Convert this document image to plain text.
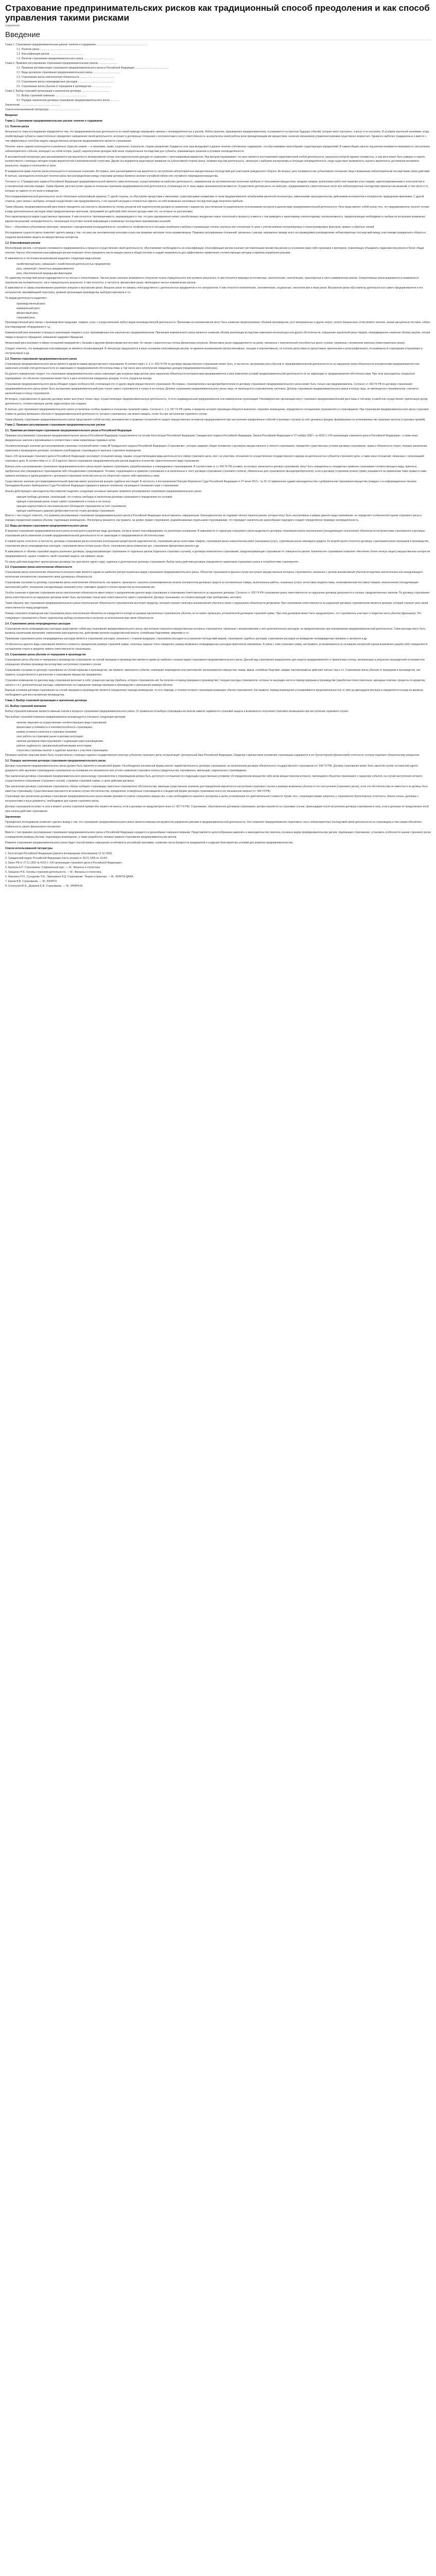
Страхование предпринимательских рисков как традиционный способ преодоления и как способ управления такими рисками
содержание
Введение
Глава 1. Страхование предпринимательских рисков: понятие и содержание........................................................................
1.1. Понятие риска ........................................................
1.2. Классификация рисков ...............................................
1.3. Понятие страхования предпринимательского риска ...........................................
Глава 2. Правовое регулирование страхования предпринимательских рисков ...........................
2.1. Правовая регламентация страхования предпринимательского риска в Российской Федерации ...............................................
2.2. Виды договоров страхования предпринимательского риска ......................................
2.3. Страхование риска неисполнения обязательств ................................................
2.4. Страхование риска непредвиденных расходов ...................................................
2.5. Страхование риска убытков от перерывов в производстве ...........................
Глава 3. Выбор страховой организации и заключение договора .......................................
3.1. Выбор страховой компании ............................................
3.2. Порядок заключения договора страхования предпринимательского риска .............
Заключение ........................................................
Список использованной литературы ...........................................
Введение
Глава 1. Страхование предпринимательских рисков: понятие и содержание
1.1. Понятие риска
Актуальность темы исследования определяется тем, что предпринимательская деятельность по своей природе неразрывно связана с неопределённостью и риском. Любое решение, принимаемое предпринимателем, основывается на прогнозе будущих событий, которые могут наступить, а могут и не наступить. В условиях рыночной экономики, когда хозяйствующие субъекты самостоятельно определяют направления своей деятельности, вступают в договорные отношения с контрагентами и несут ответственность за результаты своей работы всем принадлежащим им имуществом, значение механизмов управления рисками существенно возрастает. Одним из наиболее традиционных и вместе с тем эффективных способов защиты имущественных интересов предпринимателя является страхование.
Понятие «риск» широко используется в различных отраслях знания — в экономике, праве, социологии, психологии, теории управления. Каждая из этих наук вкладывает в данное понятие собственное содержание, что обусловливает многообразие существующих определений. В самом общем смысле под риском понимается возможность наступления неблагоприятного события, влекущего за собой потери, ущерб, недополучение доходов либо иные отрицательные последствия для субъекта, принимающего решение в условиях неопределённости.
В экономической литературе риск рассматривается как вероятность возникновения потерь или недополучения доходов по сравнению с прогнозируемым вариантом. Ряд авторов подчёркивает, что риск является неотъемлемой характеристикой любой деятельности, результаты которой заранее неизвестны, а сам риск может быть измерен и оценён количественно с помощью методов теории вероятностей и математической статистики. Другие исследователи акцентируют внимание на субъективной стороне риска, понимая под ним деятельность, связанную с выбором альтернативы в ситуации неопределённости, когда существует возможность оценить вероятность достижения желаемого результата, неудачи и отклонения от цели.
В гражданском праве понятие риска используется в нескольких значениях. Во-первых, риск рассматривается как вероятность наступления неблагоприятных имущественных последствий для участников гражданского оборота. Во-вторых, риск понимается как субъективное отношение лица к возможным неблагоприятным последствиям своих действий. В-третьих, законодатель использует понятие риска при распределении между сторонами договора бремени несения случайной гибели или случайного повреждения имущества.
Согласно ст. 2 Гражданского кодекса Российской Федерации предпринимательской является самостоятельная, осуществляемая на свой риск деятельность, направленная на систематическое получение прибыли от пользования имуществом, продажи товаров, выполнения работ или оказания услуг лицами, зарегистрированными в этом качестве в установленном законом порядке. Таким образом, риск выступает одним из легальных признаков предпринимательской деятельности, отличающих её от иных видов экономической активности. Осуществляя деятельность на свой риск, предприниматель самостоятельно несёт все неблагоприятные последствия принятых им решений, в том числе и те, которые не зависят от его воли и поведения.
Риск предпринимательской деятельности носит объективно-субъективный характер. С одной стороны, он обусловлен процессами и явлениями, существующими независимо от воли предпринимателя: колебаниями рыночной конъюнктуры, изменениями законодательства, действиями контрагентов и конкурентов, природными явлениями. С другой стороны, риск связан с выбором, который осуществляет сам предприниматель, с его оценкой ситуации и готовностью принять на себя возможные негативные последствия ради получения прибыли.
Таким образом, предпринимательский риск можно определить как опасность (возможность) потерь ресурсов или недополучения доходов по сравнению с вариантом, рассчитанным на рациональное использование ресурсов в данном виде предпринимательской деятельности. Риск представляет собой угрозу того, что предприниматель понесёт потери в виде дополнительных расходов сверх предусмотренных прогнозом, программой его действий либо получит доходы ниже тех, на которые он рассчитывал.
Риск характеризуется рядом существенных признаков. К ним относятся: противоречивость, выражающаяся в том, что риск одновременно может способствовать внедрению новых технологий и прогрессу и вместе с тем приводить к авантюризму и волюнтаризму; альтернативность, предполагающая необходимость выбора из нескольких возможных вариантов решений; неопределённость, означающая отсутствие полной информации о возможных последствиях принимаемых решений.
Риск — объективно-субъективная категория, связанная с преодолением неопределённости, случайности, конфликтности в ситуации неизбежного выбора и отражающая степень неуспеха или отклонения от цели с учётом влияния контролируемых и неконтролируемых факторов, прямых и обратных связей.
Исследование сущности риска позволяет сделать вывод о том, что риск как экономическая категория и риск как правовая категория тесно взаимосвязаны. Правовое регулирование отношений, связанных с риском, направлено прежде всего на справедливое распределение неблагоприятных последствий между участниками гражданского оборота и создание механизмов защиты их имущественных интересов.
1.2. Классификация рисков
Многообразие рисков, с которыми сталкивается предприниматель в процессе осуществления своей деятельности, обусловливает необходимость их классификации. Классификация рисков означает систематизацию множества рисков на основании каких-либо признаков и критериев, позволяющих объединить подмножества рисков в более общие понятия. Научно обоснованная классификация рисков позволяет чётко определить место каждого риска в общей системе и создаёт возможности для эффективного применения соответствующих методов и приёмов управления рисками.
В зависимости от источника возникновения выделяют следующие виды рисков:
хозяйственный риск, связанный с хозяйственной деятельностью предприятия;
риск, связанный с личностью предпринимателя;
риск, обусловленный природными факторами.
По характеру последствий риски подразделяются на чистые и спекулятивные. Чистые риски означают возможность получения только отрицательного или нулевого результата. К ним относятся природно-естественные, экологические, политические, транспортные и часть коммерческих рисков. Спекулятивные риски выражаются в возможности получения как положительного, так и отрицательного результата. К ним относятся, в частности, финансовые риски, являющиеся частью коммерческих рисков.
В зависимости от сферы возникновения различают внешние и внутренние риски. Внешние риски не связаны непосредственно с деятельностью предприятия и его контрагентов. К ним относятся политические, экономические, социальные, экологические и иные риски. Внутренние риски обусловлены деятельностью самого предпринимателя и его контрагентов: квалификацией персонала, уровнем организации производства, выбором партнёров и т.п.
По видам деятельности выделяют:
производственный риск;
коммерческий риск;
финансовый риск;
страховой риск.
Производственный риск связан с производством продукции, товаров, услуг, с осуществлением любых видов производственной деятельности. Причинами его возникновения могут быть снижение предполагаемых объёмов производства, рост материальных и других затрат, уплата повышенных отчислений и налогов, низкая дисциплина поставок, гибель или повреждение оборудования и т.д.
Коммерческий риск возникает в процессе реализации товаров и услуг, произведённых или закупленных предпринимателем. Причинами коммерческого риска являются снижение объёма реализации вследствие изменения конъюнктуры или других обстоятельств, повышение закупочной цены товаров, непредвиденное снижение объёма закупок, потери товара в процессе обращения, повышение издержек обращения.
Финансовый риск возникает в сфере отношений предприятия с банками и другими финансовыми институтами. Он связан с вероятностью потерь финансовых ресурсов. Финансовые риски подразделяются на риски, связанные с покупательной способностью денег, и риски, связанные с вложением капитала (инвестиционные риски).
Следует отметить, что приведённая классификация не является исчерпывающей. В литературе предлагаются и иные основания классификации рисков: по времени возникновения (ретроспективные, текущие и перспективные), по степени допустимости (допустимые, критические и катастрофические), по возможности страхования (страхуемые и нестрахуемые) и др.
1.3. Понятие страхования предпринимательского риска
Страхование предпринимательского риска является одним из видов имущественного страхования. В соответствии с п. 2 ст. 929 ГК РФ по договору имущественного страхования может быть, в частности, застрахован риск убытков от предпринимательской деятельности из-за нарушения своих обязательств контрагентами предпринимателя или изменения условий этой деятельности по не зависящим от предпринимателя обстоятельствам, в том числе риск неполучения ожидаемых доходов (предпринимательский риск).
Из данного определения следует, что страхование предпринимательского риска охватывает два основных вида рисков: риск нарушения обязательств контрагентами предпринимателя и риск изменения условий предпринимательской деятельности по не зависящим от предпринимателя обстоятельствам. При этом законодатель специально подчёркивает, что объектом страхования может быть и риск неполучения ожидаемых доходов, то есть упущенная выгода.
Страхование предпринимательского риска обладает рядом особенностей, отличающих его от других видов имущественного страхования. Во-первых, страхователем и выгодоприобретателем по договору страхования предпринимательского риска может быть только сам предприниматель. Согласно ст. 933 ГК РФ по договору страхования предпринимательского риска может быть застрахован предпринимательский риск только самого страхователя и только в его пользу. Договор страхования предпринимательского риска лица, не являющегося страхователем, ничтожен. Договор страхования предпринимательского риска в пользу лица, не являющегося страхователем, считается заключённым в пользу страхователя.
Во-вторых, страхователем по данному договору может выступать только лицо, осуществляющее предпринимательскую деятельность, то есть индивидуальный предприниматель или коммерческая организация. Некоммерческие организации могут страховать предпринимательский риск лишь в той мере, в какой они осуществляют приносящую доход деятельность, соответствующую целям, ради которых они созданы.
В-третьих, для страхования предпринимательского риска установлены особые правила в отношении страховой суммы. Согласно п. 1 ст. 947 ГК РФ сумма, в пределах которой страховщик обязуется выплатить страховое возмещение, определяется соглашением страхователя со страховщиком. При страховании предпринимательского риска страховая сумма не должна превышать убытков от предпринимательской деятельности, которые страхователь, как можно ожидать, понёс бы при наступлении страхового случая.
Таким образом, страхование предпринимательского риска представляет собой систему экономических и правовых отношений по защите имущественных интересов предпринимателя при наступлении определённых событий (страховых случаев) за счёт денежных фондов, формируемых из уплачиваемых им страховых взносов (страховых премий).
Глава 2. Правовое регулирование страхования предпринимательских рисков
2.1. Правовая регламентация страхования предпринимательского риска в Российской Федерации
Правовое регулирование страхования предпринимательского риска в Российской Федерации осуществляется на основе Конституции Российской Федерации, Гражданского кодекса Российской Федерации, Закона Российской Федерации от 27 ноября 1992 г. № 4015-1 «Об организации страхового дела в Российской Федерации», а также иных федеральных законов и принимаемых в соответствии с ними нормативных правовых актов.
Основополагающее значение для регулирования страховых отношений имеет глава 48 Гражданского кодекса Российской Федерации «Страхование», которая содержит общие положения о договорах имущественного и личного страхования, определяет существенные условия договора страхования, права и обязанности сторон, порядок заключения, изменения и прекращения договора, основания освобождения страховщика от выплаты страхового возмещения.
Закон «Об организации страхового дела в Российской Федерации» регулирует отношения между лицами, осуществляющими виды деятельности в сфере страхового дела, или с их участием, отношения по осуществлению государственного надзора за деятельностью субъектов страхового дела, а также иные отношения, связанные с организацией страхового дела. В соответствии со ст. 32.9 данного Закона страхование предпринимательских рисков выделено в качестве самостоятельного вида страхования.
Важную роль в регулировании страхования предпринимательского риска играют правила страхования, разрабатываемые и утверждаемые страховщиками. В соответствии со ст. 943 ГК РФ условия, на которых заключается договор страхования, могут быть определены в стандартных правилах страхования соответствующего вида, принятых, одобренных или утверждённых страховщиком либо объединением страховщиков. Условия, содержащиеся в правилах страхования и не включённые в текст договора страхования (страхового полиса), обязательны для страхователя (выгодоприобретателя), если в договоре (страховом полисе) прямо указывается на применение таких правил и сами правила изложены в одном документе с договором (страховым полисом) или на его оборотной стороне либо приложены к нему.
Существенное значение для правоприменительной практики имеют разъяснения высших судебных инстанций. В частности, в постановлении Пленума Верховного Суда Российской Федерации от 27 июня 2013 г. № 20 «О применении судами законодательства о добровольном страховании имущества граждан» и в информационных письмах Президиума Высшего Арбитражного Суда Российской Федерации содержатся важные положения, касающиеся толкования норм о страховании.
Анализ действующего законодательства позволяет выделить следующие основные принципы правового регулирования страхования предпринимательского риска:
принцип свободы договора, означающий, что стороны свободны в заключении договора страхования и определении его условий;
принцип страхования риска только самого страхователя и только в его пользу;
принцип недопустимости неосновательного обогащения страхователя за счёт страхования;
принцип наибольшего доверия (добросовестности) сторон договора страхования.
Вместе с тем следует отметить, что правовое регулирование страхования предпринимательского риска в Российской Федерации нельзя признать совершенным. Законодательство не содержит чёткого перечня рисков, которые могут быть застрахованы в рамках данного вида страхования, не определяет особенностей оценки страхового риска и порядка определения размера убытков, подлежащих возмещению. Эти вопросы решаются, как правило, на уровне правил страхования, разрабатываемых отдельными страховщиками, что порождает значительное разнообразие подходов и создаёт определённую правовую неопределённость.
2.2. Виды договоров страхования предпринимательского риска
В практике страхования предпринимательского риска используются различные виды договоров, которые можно классифицировать по различным основаниям. В зависимости от характера страхуемого риска выделяются договоры страхования риска неисполнения (ненадлежащего исполнения) обязательств контрагентами страхователя и договоры страхования риска изменения условий предпринимательской деятельности по не зависящим от предпринимателя обстоятельствам.
К первой группе относятся, в частности, договоры страхования риска неплатежа (непогашения кредиторской задолженности), страхования риска непоставки товаров, страхования риска невыполнения работ (неоказания услуг), страхования риска невозврата кредита. Ко второй группе относятся договоры страхования риска перерывов в производстве, страхования риска непредвиденных расходов, страхования риска потери рынка сбыта, страхования риска изменения цен, страхования финансовых рисков и др.
В зависимости от объёма страховой защиты различают договоры, предусматривающие страхование от отдельных рисков (отдельных страховых случаев), и договоры комплексного страхования, предусматривающие страхование от совокупности рисков. Комплексное страхование позволяет обеспечить более полную защиту имущественных интересов предпринимателя, однако стоимость такой страховой защиты, как правило, выше.
По сроку действия выделяют краткосрочные договоры (на срок менее одного года), годичные и долгосрочные договоры страхования. Выбор срока действия договора определяется характером страхуемого риска и потребностями страхователя.
2.3. Страхование риска неисполнения обязательств
Страхование риска неисполнения обязательств контрагентами является одним из наиболее распространённых видов страхования предпринимательского риска. Объектом страхования в данном случае выступают имущественные интересы страхователя, связанные с риском возникновения убытков вследствие неисполнения или ненадлежащего исполнения контрагентом страхователя своих договорных обязательств.
Страховыми случаями по договору страхования риска неисполнения обязательств, как правило, признаются: неуплата (несвоевременная уплата) контрагентом денежных средств за поставленные товары, выполненные работы, оказанные услуги; непоставка (недопоставка, несвоевременная поставка) товаров; невыполнение (ненадлежащее выполнение) работ; неоказание (ненадлежащее оказание) услуг; невозврат кредита и уплаты процентов за пользование им.
Особое значение в практике страхования риска неисполнения обязательств имеет вопрос о разграничении данного вида страхования и страхования ответственности за нарушение договора. Согласно ст. 932 ГК РФ страхование риска ответственности за нарушение договора допускается в случаях, предусмотренных законом. По договору страхования риска ответственности за нарушение договора может быть застрахован только риск ответственности самого страхователя. Договор страхования, не соответствующий этим требованиям, ничтожен.
Таким образом, при страховании предпринимательского риска неисполнения обязательств страхователем выступает кредитор, который страхует свой риск возникновения убытков в связи с нарушением обязательств должником. При страховании ответственности за нарушение договора страхователем является должник, который страхует риск своей ответственности перед кредитором.
Размер страхового возмещения при страховании риска неисполнения обязательств определяется исходя из размера причинённых страхователю убытков, но не может превышать установленной договором страховой суммы. При этом договором может быть предусмотрено, что страхователь участвует в покрытии части убытков (франшиза). Это стимулирует страхователя к более тщательному выбору контрагентов и контролю за исполнением ими своих обязательств.
2.4. Страхование риска непредвиденных расходов
Страхование риска непредвиденных расходов представляет собой вид страхования предпринимательского риска, при котором страхуются имущественные интересы страхователя, связанные с возникновением у него дополнительных расходов, не предусмотренных при планировании предпринимательской деятельности. Такие расходы могут быть вызваны различными причинами: изменением законодательства, действиями органов государственной власти, стихийными бедствиями, авариями и т.п.
Примерами страхования риска непредвиденных расходов являются страхование расходов, связанных с отзывом продукции, страхование расходов на устранение последствий аварий, страхование судебных расходов, страхование расходов на проведение непредвиденных проверок и экспертиз и др.
Особенностью данного вида страхования является сложность определения размера страховой суммы, поскольку заранее точно определить размер возможных непредвиденных расходов практически невозможно. В связи с этим страховая сумма, как правило, устанавливается на основании экспертной оценки возможного ущерба либо определяется соглашением сторон в пределах лимита ответственности страховщика.
2.5. Страхование риска убытков от перерывов в производстве
Страхование риска убытков от перерывов в производстве (страхование на случай перерыва в производстве) является одним из наиболее сложных видов страхования предпринимательского риска. Данный вид страхования предназначен для защиты предпринимателя от финансовых потерь, возникающих в результате вынужденной остановки или сокращения объёмов производства вследствие наступления страхового случая.
Страховыми случаями по договору страхования на случай перерыва в производстве, как правило, признаются события, повлекшие повреждение или уничтожение застрахованного имущества: пожар, взрыв, стихийные бедствия, аварии, противоправные действия третьих лиц и т.п. Страхование риска убытков от перерывов в производстве, как правило, осуществляется в дополнение к страхованию имущества предприятия.
Страховое возмещение по данному виду страхования включает в себя: упущенную выгоду (прибыль, которую страхователь мог бы получить в период перерыва в производстве); текущие расходы страхователя, которые он вынужден нести в период перерыва в производстве (заработная плата персонала, арендные платежи, проценты по кредитам, налоги и т.п.); дополнительные расходы, направленные на сокращение периода перерыва в производстве и уменьшение размера убытков.
Важным условием договора страхования на случай перерыва в производстве является определение периода возмещения, то есть периода, в течение которого страховщик возмещает убытки страхователя. Как правило, период возмещения устанавливается продолжительностью от трёх до двенадцати месяцев и определяется исходя из времени, необходимого для восстановления производства.
Глава 3. Выбор страховой организации и заключение договора
3.1. Выбор страховой компании
Выбор страховой компании является важным этапом в процессе страхования предпринимательского риска. От правильности выбора страховщика во многом зависит надёжность страховой защиты и возможность получения страхового возмещения при наступлении страхового случая.
При выборе страховой компании предпринимателю рекомендуется учитывать следующие критерии:
наличие лицензии на осуществление соответствующего вида страхования;
финансовая устойчивость и платёжеспособность страховщика;
размер уставного капитала и страховых резервов;
опыт работы на страховом рынке и деловая репутация;
наличие договоров перестрахования с надёжными перестраховщиками;
рейтинг надёжности, присвоенный рейтинговыми агентствами;
статистика страховых выплат и судебная практика с участием страховщика.
Проверка наличия лицензии может быть осуществлена с помощью единого государственного реестра субъектов страхового дела, который ведёт Центральный банк Российской Федерации. Сведения о финансовом положении страховщика содержатся в его бухгалтерской (финансовой) отчётности, которая подлежит обязательному раскрытию.
3.2. Порядок заключения договора страхования предпринимательского риска
Договор страхования предпринимательского риска должен быть заключён в письменной форме. Несоблюдение письменной формы влечёт недействительность договора страхования, за исключением договора обязательного государственного страхования (ст. 940 ГК РФ). Договор страхования может быть заключён путём составления одного документа либо вручения страховщиком страхователю на основании его письменного или устного заявления страхового полиса (свидетельства, сертификата, квитанции), подписанного страховщиком.
При заключении договора страхования предпринимательского риска между страхователем и страховщиком должно быть достигнуто соглашение по следующим существенным условиям: об определённом имуществе либо ином имущественном интересе, являющемся объектом страхования; о характере события, на случай наступления которого осуществляется страхование (страхового случая); о размере страховой суммы; о сроке действия договора.
При заключении договора страхования страхователь обязан сообщить страховщику известные страхователю обстоятельства, имеющие существенное значение для определения вероятности наступления страхового случая и размера возможных убытков от его наступления (страхового риска), если эти обстоятельства не известны и не должны быть известны страховщику. Существенными признаются во всяком случае обстоятельства, определённо оговорённые страховщиком в стандартной форме договора страхования или в его письменном запросе (ст. 944 ГК РФ).
Страховщик при заключении договора страхования предпринимательского риска вправе произвести осмотр страхуемого имущества, а при необходимости назначить экспертизу в целях установления его действительной стоимости. Кроме того, страховщик вправе запросить у страхователя бухгалтерскую отчётность, бизнес-планы, договоры с контрагентами и иные документы, необходимые для оценки страхового риска.
Договор страхования вступает в силу в момент уплаты страховой премии или первого её взноса, если в договоре не предусмотрено иное (ст. 957 ГК РФ). Страхование, обусловленное договором страхования, распространяется на страховые случаи, происшедшие после вступления договора страхования в силу, если в договоре не предусмотрен иной срок начала действия страхования.
Заключение
Проведённое исследование позволяет сделать вывод о том, что страхование предпринимательского риска является важным инструментом управления рисками в предпринимательской деятельности. Оно позволяет предпринимателю переложить часть неблагоприятных последствий своей деятельности на страховщика и тем самым обеспечить стабильность своего финансового положения.
Вместе с тем правовое регулирование страхования предпринимательского риска в Российской Федерации нуждается в дальнейшем совершенствовании. Представляется целесообразным закрепить в законодательстве перечень основных видов предпринимательских рисков, подлежащих страхованию, установить особенности оценки страхового риска и определения размера убытков, подлежащих возмещению, а также разработать типовые правила страхования предпринимательских рисков.
Развитие страхования предпринимательского риска будет способствовать повышению устойчивости российской экономики, снижению числа банкротств предприятий и созданию благоприятных условий для развития предпринимательства.
Список использованной литературы
1. Конституция Российской Федерации (принята всенародным голосованием 12.12.1993).
2. Гражданский кодекс Российской Федерации (часть вторая) от 26.01.1996 № 14-ФЗ.
3. Закон РФ от 27.11.1992 № 4015-1 «Об организации страхового дела в Российской Федерации».
4. Архипов А.П. Страхование. Современный курс. — М.: Финансы и статистика.
5. Грищенко Н.Б. Основы страховой деятельности. — М.: Финансы и статистика.
6. Никулина Н.Н., Суходоева Л.Ф., Эриашвили Н.Д. Страхование. Теория и практика. — М.: ЮНИТИ-ДАНА.
7. Шахов В.В. Страхование. — М.: ЮНИТИ.
8. Сплетухов Ю.А., Дюжиков Е.Ф. Страхование. — М.: ИНФРА-М.
